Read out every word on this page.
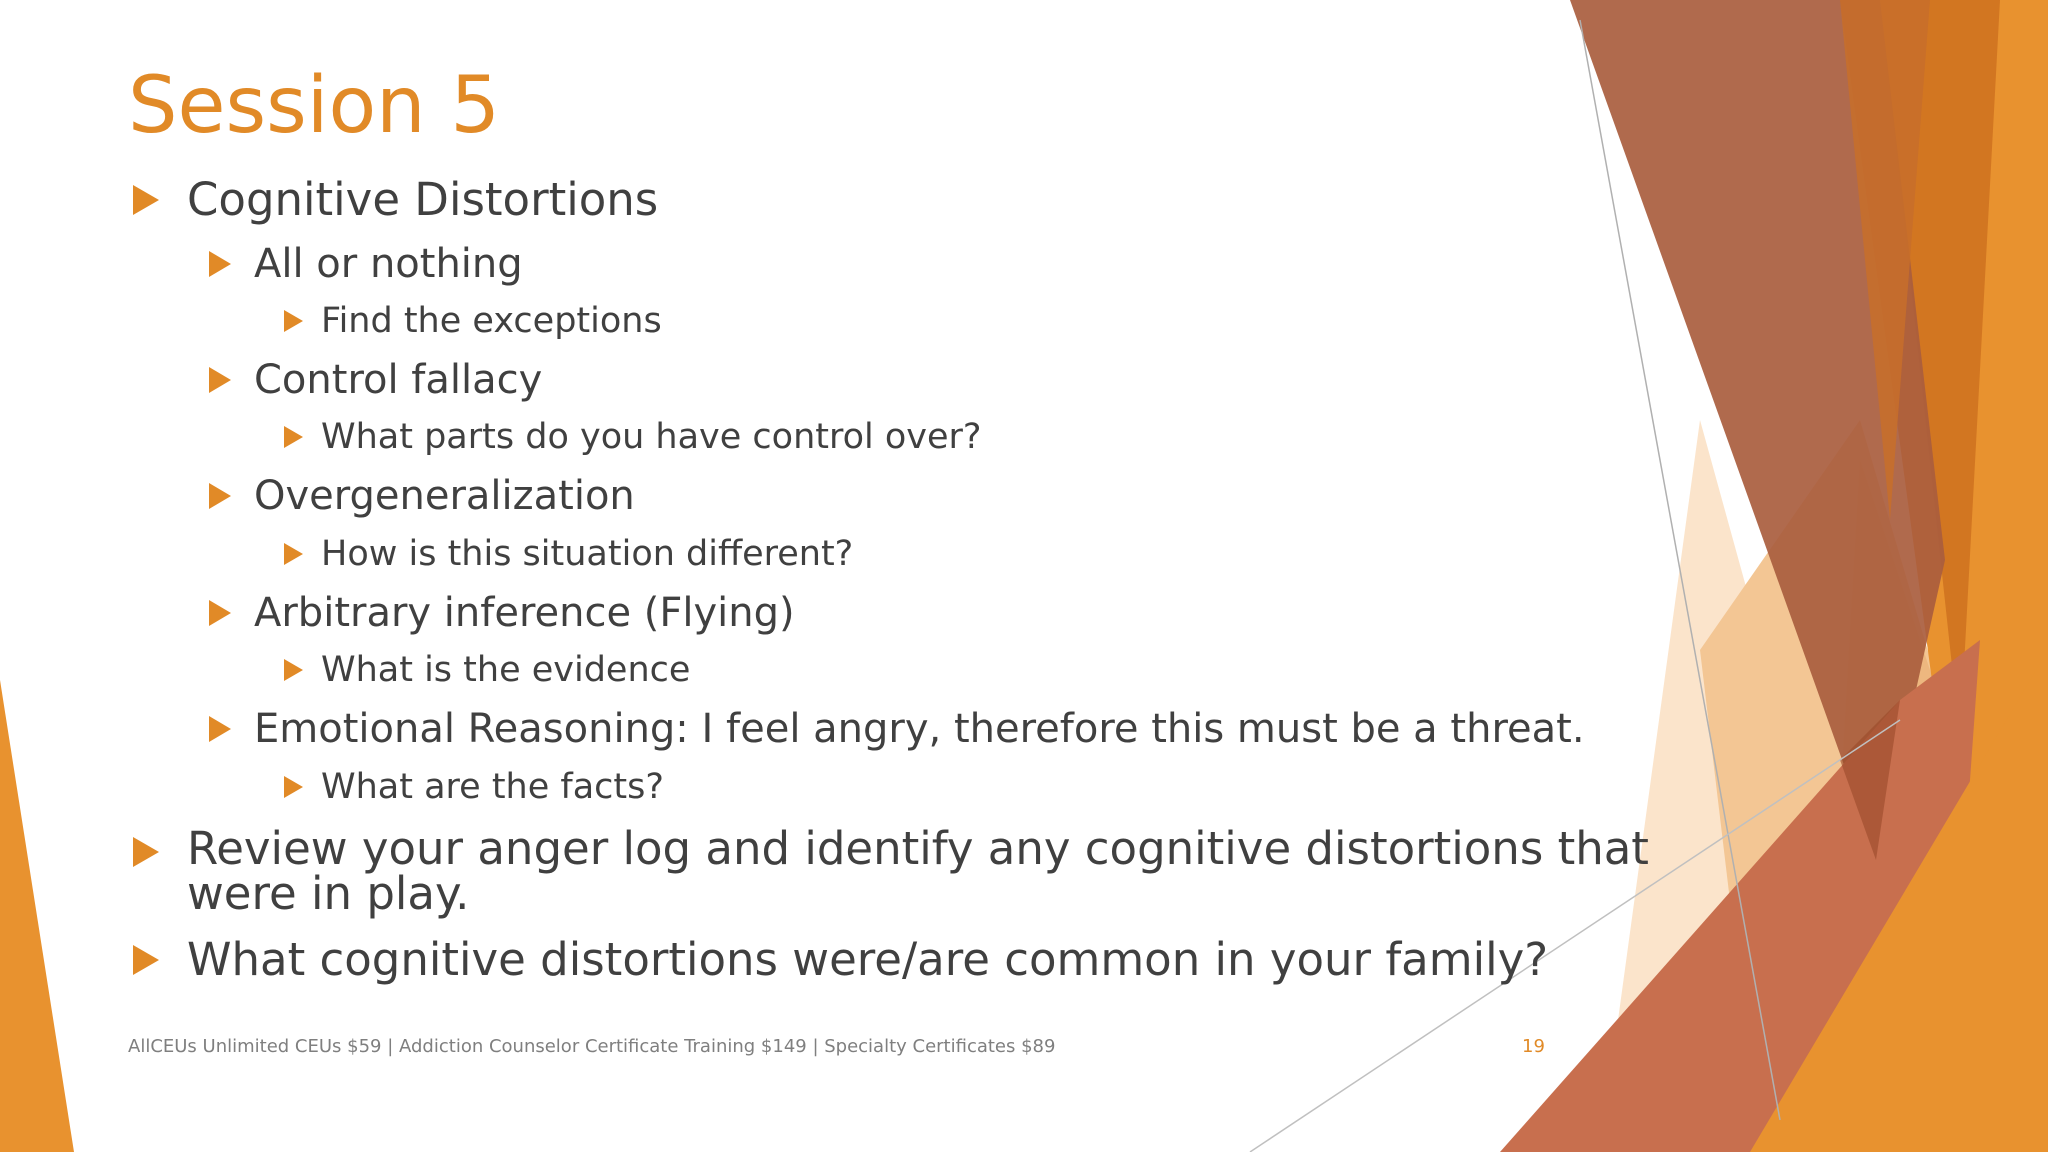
Session 5
Cognitive Distortions
All or nothing
Find the exceptions
Control fallacy
What parts do you have control over?
Overgeneralization
How is this situation different?
Arbitrary inference (Flying)
What is the evidence
Emotional Reasoning: I feel angry, therefore this must be a threat.
What are the facts?
Review your anger log and identify any cognitive distortions that
were in play.
What cognitive distortions were/are common in your family?
AllCEUs Unlimited CEUs $59 | Addiction Counselor Certificate Training $149 | Specialty Certificates $89	19
